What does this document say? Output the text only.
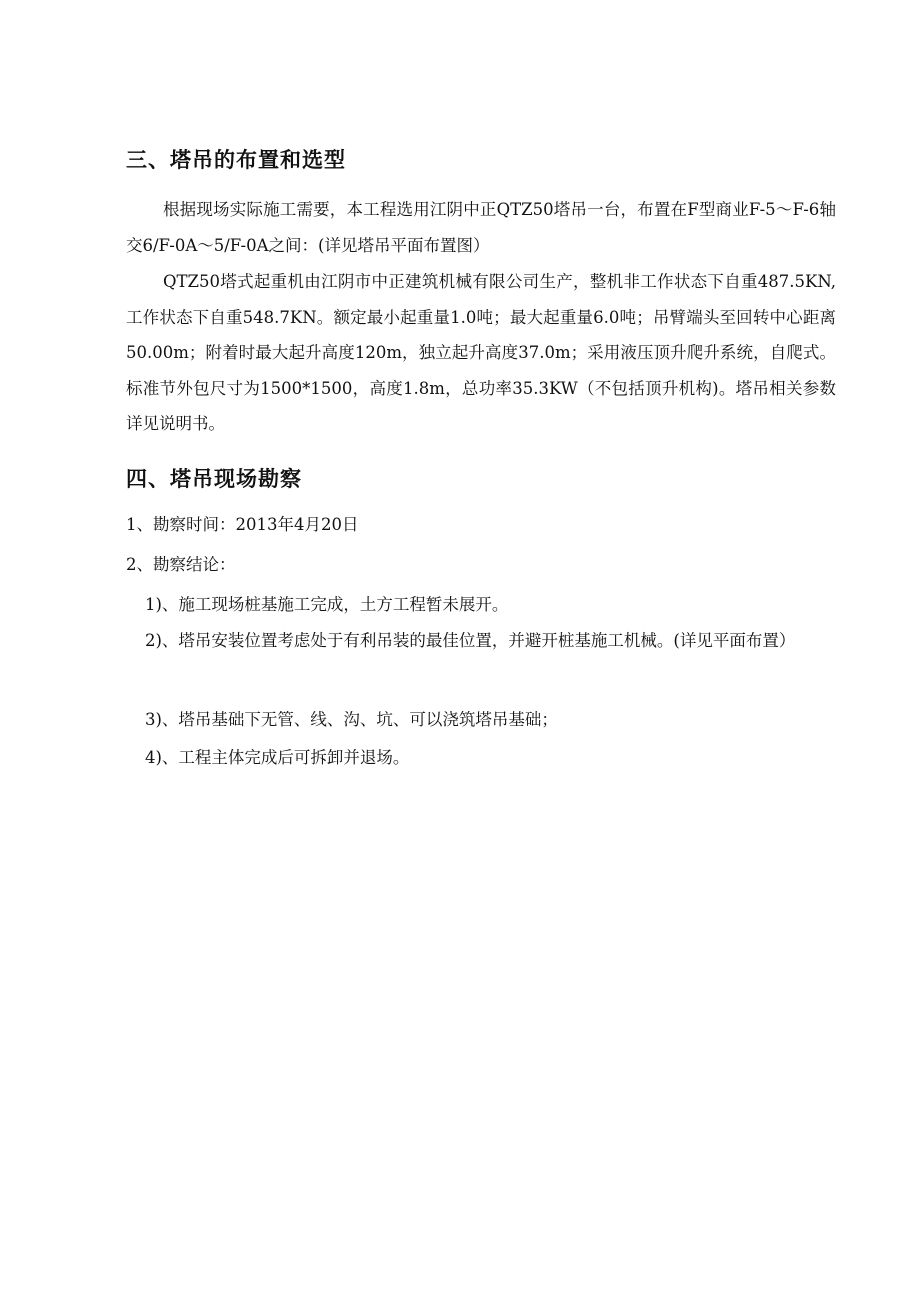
三、塔吊的布置和选型

根据现场实际施工需要，本工程选用江阴中正QTZ50塔吊一台，布置在F型商业F-5～F-6轴交6/F-0A～5/F-0A之间：(详见塔吊平面布置图）

QTZ50塔式起重机由江阴市中正建筑机械有限公司生产，整机非工作状态下自重487.5KN,工作状态下自重548.7KN。额定最小起重量1.0吨；最大起重量6.0吨；吊臂端头至回转中心距离50.00m；附着时最大起升高度120m，独立起升高度37.0m；采用液压顶升爬升系统，自爬式。标准节外包尺寸为1500*1500，高度1.8m，总功率35.3KW（不包括顶升机构)。塔吊相关参数详见说明书。

四、塔吊现场勘察

1、勘察时间：2013年4月20日

2、勘察结论：

1)、施工现场桩基施工完成，土方工程暂未展开。

2)、塔吊安装位置考虑处于有利吊装的最佳位置，并避开桩基施工机械。(详见平面布置）

3)、塔吊基础下无管、线、沟、坑、可以浇筑塔吊基础；

4)、工程主体完成后可拆卸并退场。
